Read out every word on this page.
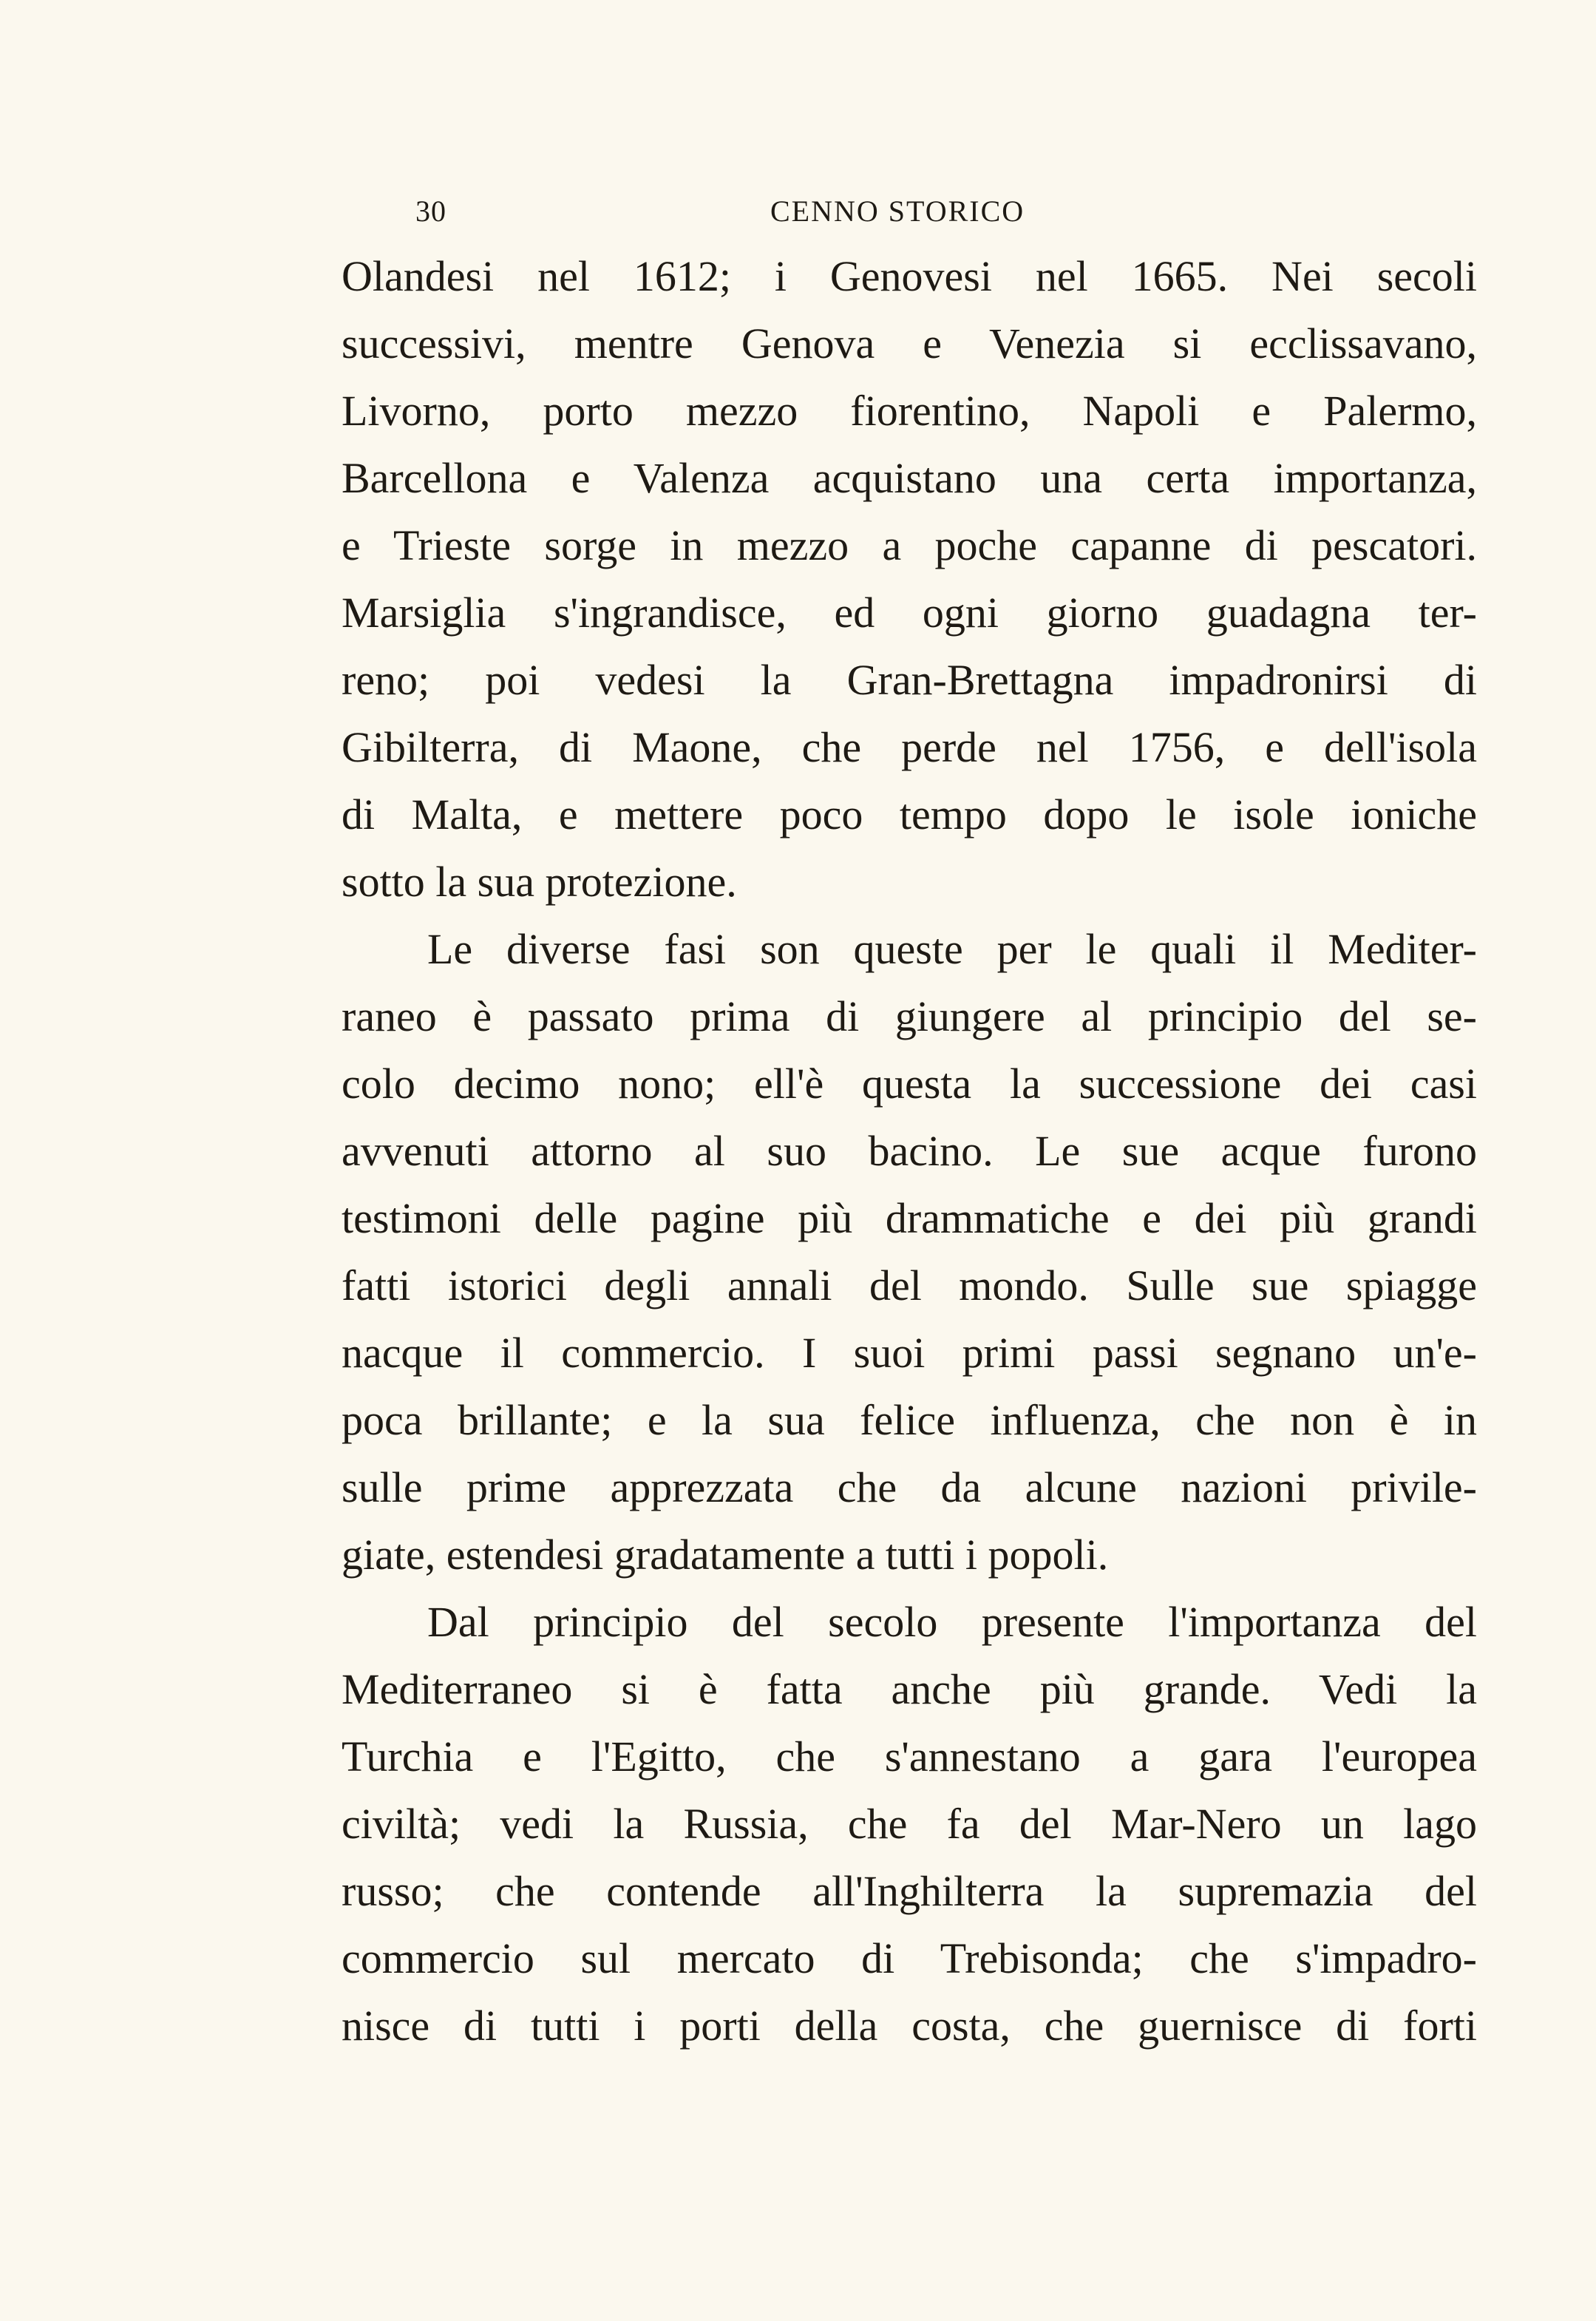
30	CENNO STORICO
Olandesi nel 1612; i Genovesi nel 1665. Nei secoli
successivi, mentre Genova e Venezia si ecclissavano,
Livorno, porto mezzo fiorentino, Napoli e Palermo,
Barcellona e Valenza acquistano una certa importanza,
e Trieste sorge in mezzo a poche capanne di pescatori.
Marsiglia s'ingrandisce, ed ogni giorno guadagna ter-
reno; poi vedesi la Gran-Brettagna impadronirsi di
Gibilterra, di Maone, che perde nel 1756, e dell'isola
di Malta, e mettere poco tempo dopo le isole ioniche
sotto la sua protezione.
Le diverse fasi son queste per le quali il Mediter-
raneo è passato prima di giungere al principio del se-
colo decimo nono; ell'è questa la successione dei casi
avvenuti attorno al suo bacino. Le sue acque furono
testimoni delle pagine più drammatiche e dei più grandi
fatti istorici degli annali del mondo. Sulle sue spiagge
nacque il commercio. I suoi primi passi segnano un'e-
poca brillante; e la sua felice influenza, che non è in
sulle prime apprezzata che da alcune nazioni privile-
giate, estendesi gradatamente a tutti i popoli.
Dal principio del secolo presente l'importanza del
Mediterraneo si è fatta anche più grande. Vedi la
Turchia e l'Egitto, che s'annestano a gara l'europea
civiltà; vedi la Russia, che fa del Mar-Nero un lago
russo; che contende all'Inghilterra la supremazia del
commercio sul mercato di Trebisonda; che s'impadro-
nisce di tutti i porti della costa, che guernisce di forti
